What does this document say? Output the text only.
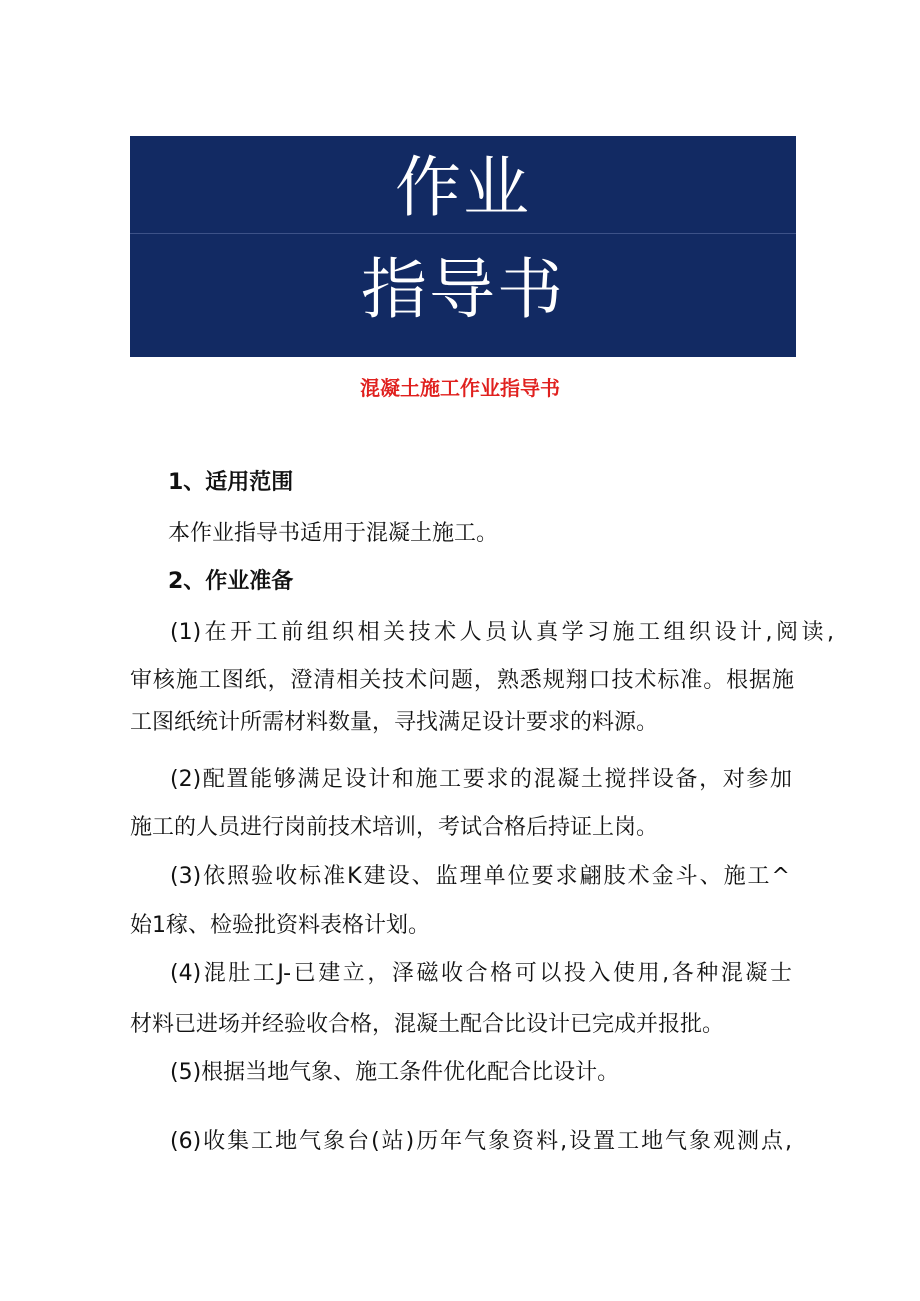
作业
指导书
混凝土施工作业指导书
1、适用范围
本作业指导书适用于混凝土施工。
2、作业准备
(1)在开工前组织相关技术人员认真学习施工组织设计,阅读,
审核施工图纸，澄清相关技术问题，熟悉规翔口技术标准。根据施
工图纸统计所需材料数量，寻找满足设计要求的料源。
(2)配置能够满足设计和施工要求的混凝土搅拌设备，对参加
施工的人员进行岗前技术培训，考试合格后持证上岗。
(3)依照验收标准K建设、监理单位要求翩肢术金斗、施工^
始1稼、检验批资料表格计划。
(4)混肚工J-已建立，泽磁收合格可以投入使用,各种混凝士
材料已进场并经验收合格，混凝土配合比设计已完成并报批。
(5)根据当地气象、施工条件优化配合比设计。
(6)收集工地气象台(站)历年气象资料,设置工地气象观测点,
